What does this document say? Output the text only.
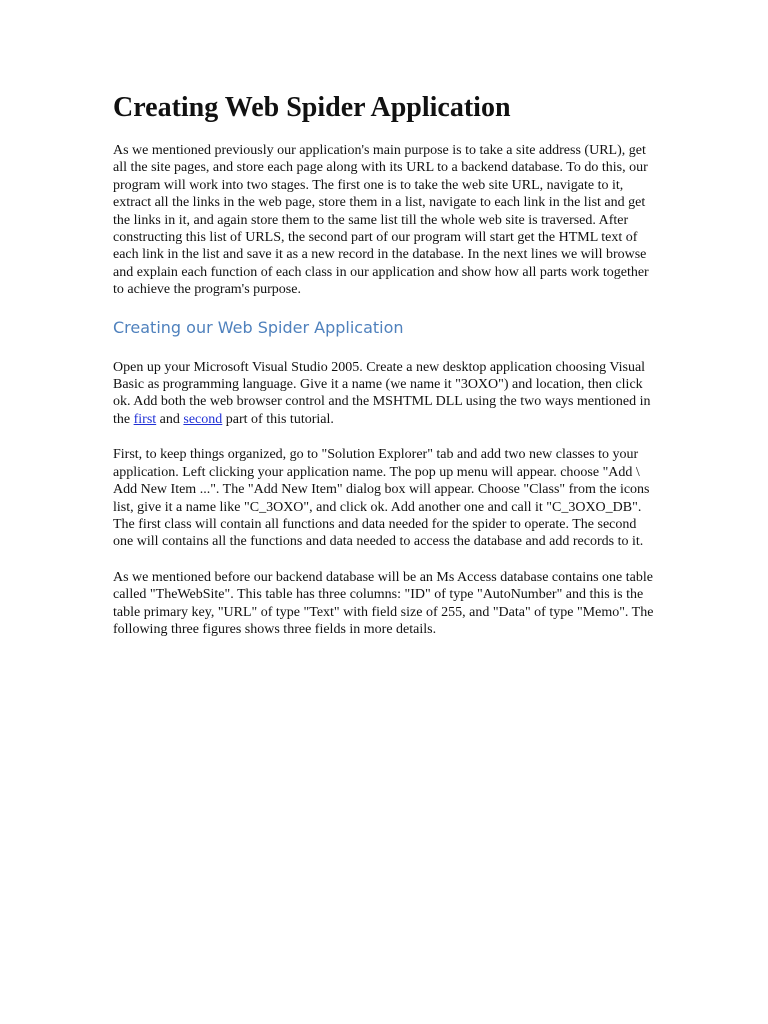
Creating Web Spider Application

As we mentioned previously our application's main purpose is to take a site address (URL), get all the site pages, and store each page along with its URL to a backend database. To do this, our program will work into two stages. The first one is to take the web site URL, navigate to it, extract all the links in the web page, store them in a list, navigate to each link in the list and get the links in it, and again store them to the same list till the whole web site is traversed. After constructing this list of URLS, the second part of our program will start get the HTML text of each link in the list and save it as a new record in the database. In the next lines we will browse and explain each function of each class in our application and show how all parts work together to achieve the program's purpose.

Creating our Web Spider Application

Open up your Microsoft Visual Studio 2005. Create a new desktop application choosing Visual Basic as programming language. Give it a name (we name it "3OXO") and location, then click ok. Add both the web browser control and the MSHTML DLL using the two ways mentioned in the first and second part of this tutorial.

First, to keep things organized, go to "Solution Explorer" tab and add two new classes to your application. Left clicking your application name. The pop up menu will appear. choose "Add \ Add New Item ...". The "Add New Item" dialog box will appear. Choose "Class" from the icons list, give it a name like "C_3OXO", and click ok. Add another one and call it "C_3OXO_DB". The first class will contain all functions and data needed for the spider to operate. The second one will contains all the functions and data needed to access the database and add records to it.

As we mentioned before our backend database will be an Ms Access database contains one table called "TheWebSite". This table has three columns: "ID" of type "AutoNumber" and this is the table primary key, "URL" of type "Text" with field size of 255, and "Data" of type "Memo". The following three figures shows three fields in more details.
